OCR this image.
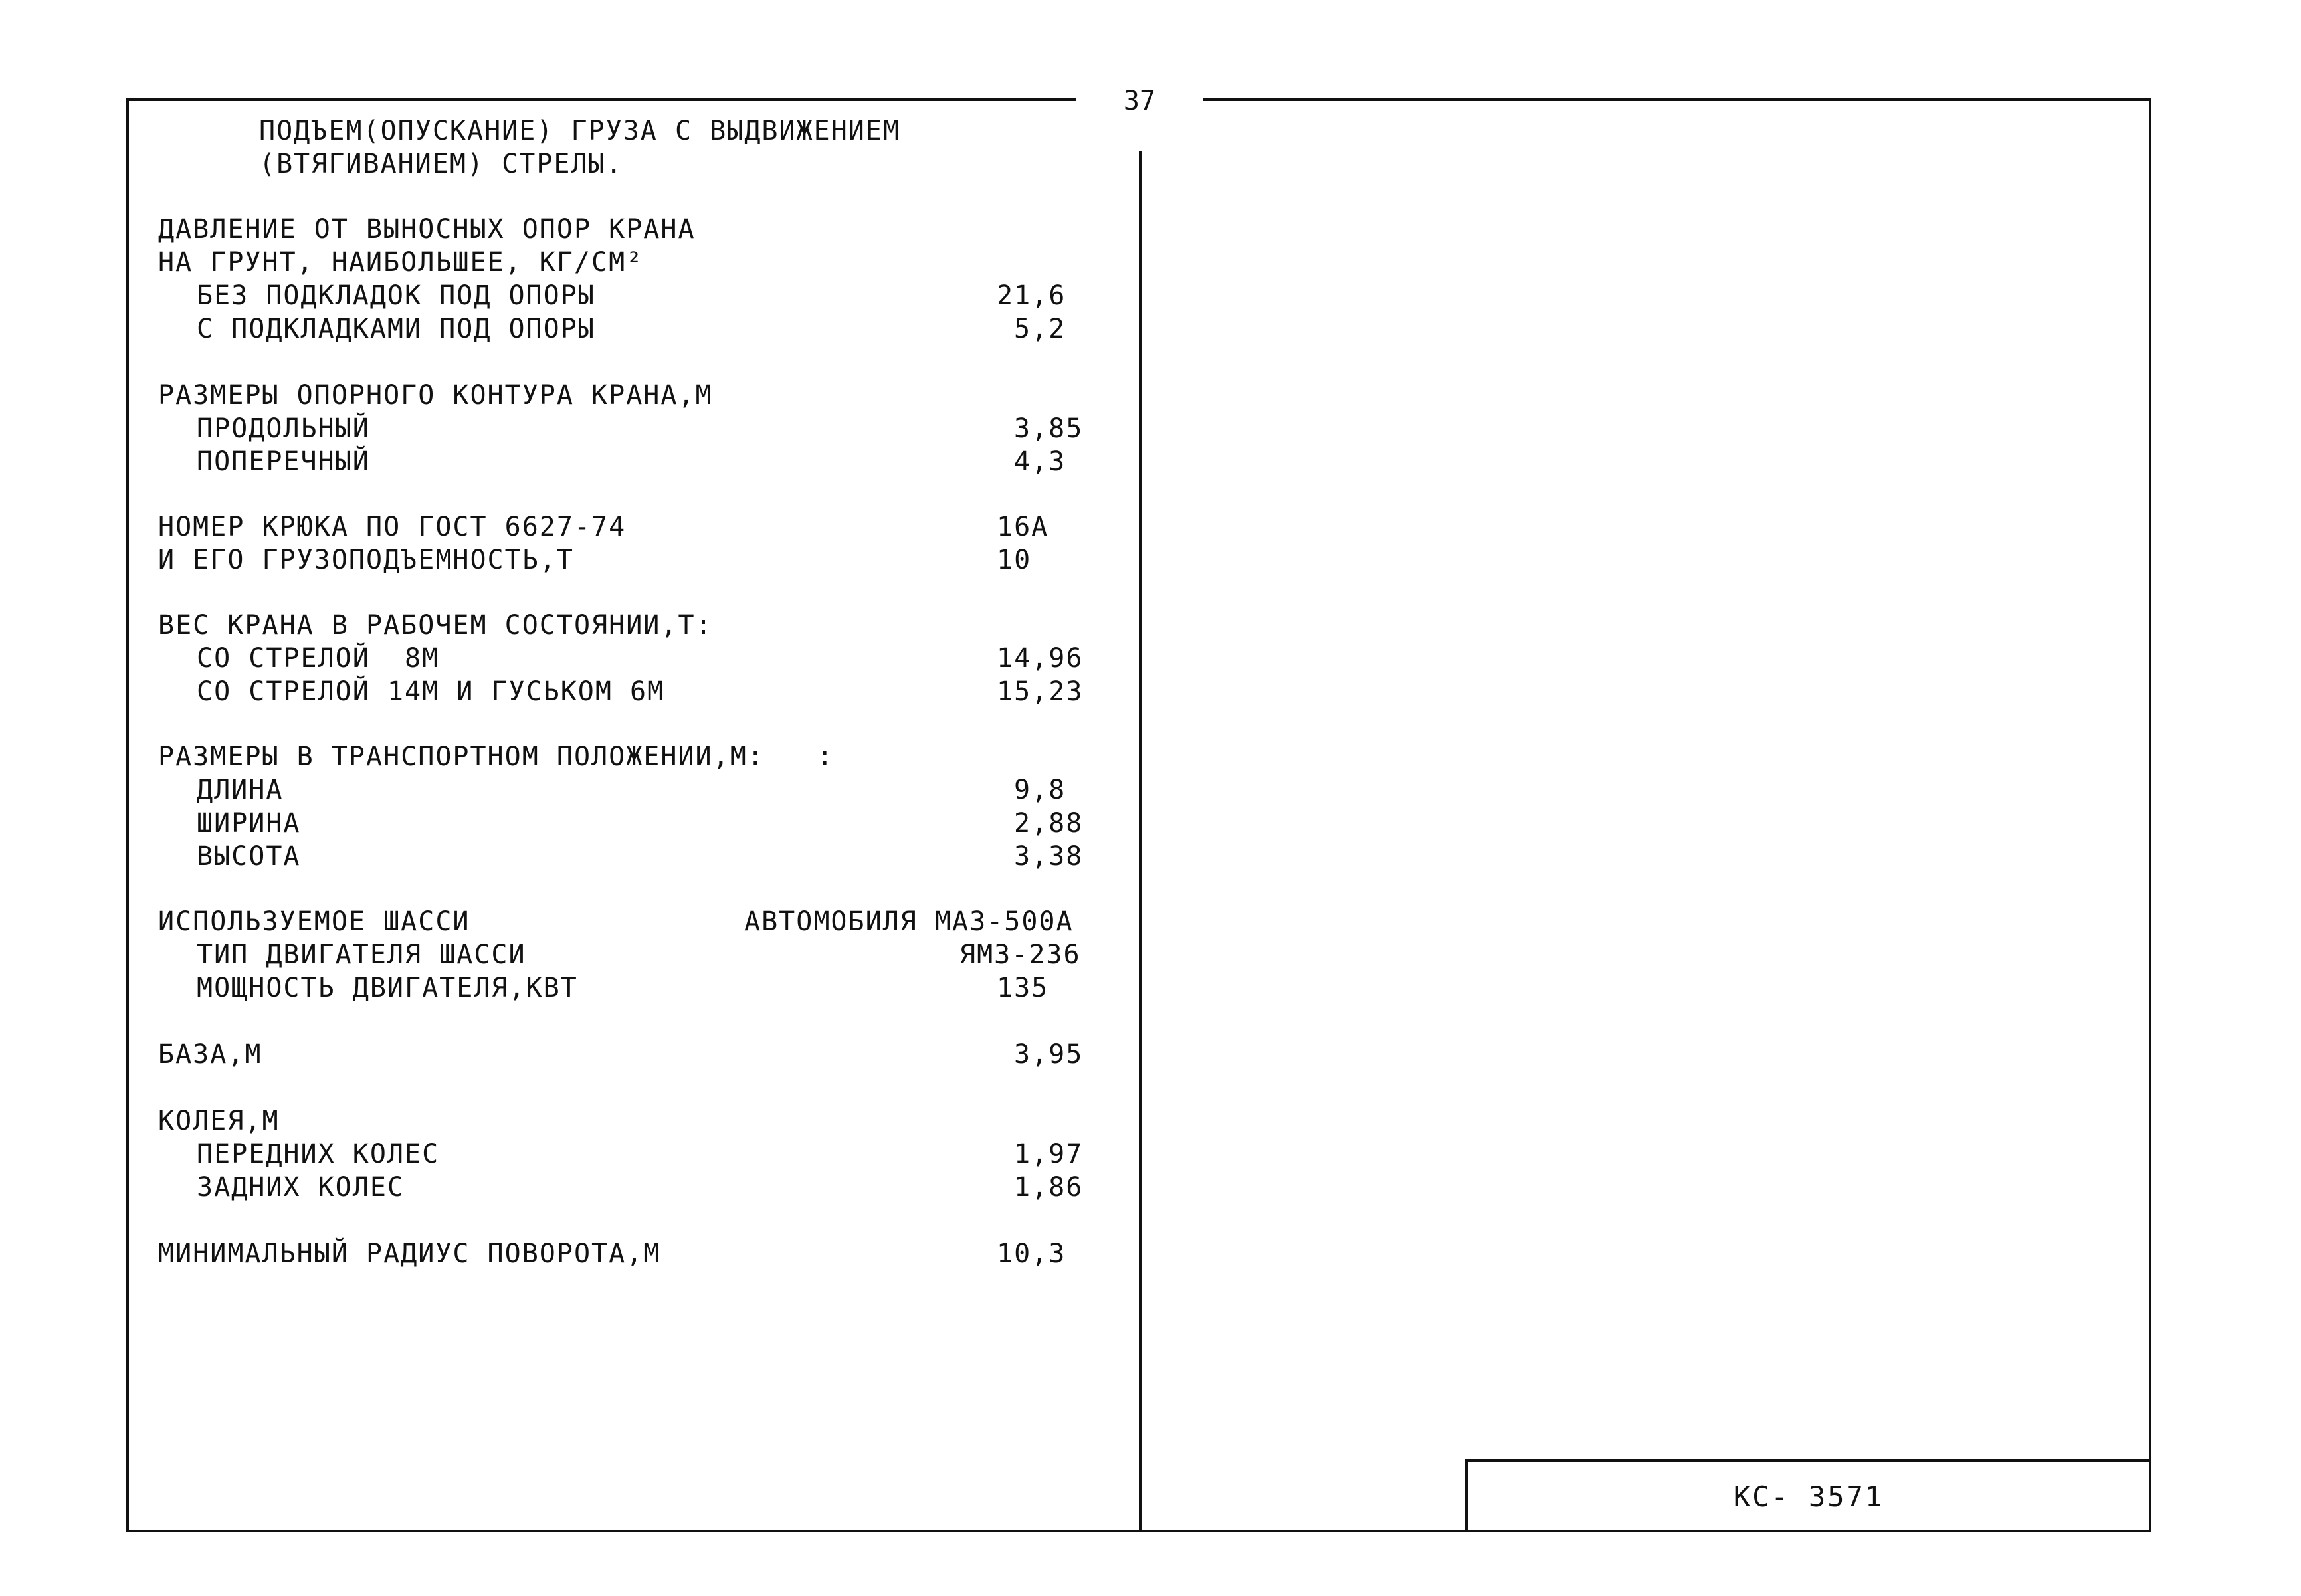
37
ПОДЪЕМ(ОПУСКАНИЕ) ГРУЗА С ВЫДВИЖЕНИЕМ
(ВТЯГИВАНИЕМ) СТРЕЛЫ.
ДАВЛЕНИЕ ОТ ВЫНОСНЫХ ОПОР КРАНА
НА ГРУНТ, НАИБОЛЬШЕЕ, КГ/СМ²
БЕЗ ПОДКЛАДОК ПОД ОПОРЫ	21,6
С ПОДКЛАДКАМИ ПОД ОПОРЫ	5,2
РАЗМЕРЫ ОПОРНОГО КОНТУРА КРАНА,М
ПРОДОЛЬНЫЙ	3,85
ПОПЕРЕЧНЫЙ	4,3
НОМЕР КРЮКА ПО ГОСТ 6627-74	16А
И ЕГО ГРУЗОПОДЪЕМНОСТЬ,Т	10
ВЕС КРАНА В РАБОЧЕМ СОСТОЯНИИ,Т:
СО СТРЕЛОЙ  8М	14,96
СО СТРЕЛОЙ 14М И ГУСЬКОМ 6М	15,23
РАЗМЕРЫ В ТРАНСПОРТНОМ ПОЛОЖЕНИИ,М:   :
ДЛИНА	9,8
ШИРИНА	2,88
ВЫСОТА	3,38
ИСПОЛЬЗУЕМОЕ ШАССИ	АВТОМОБИЛЯ МАЗ-500А
ТИП ДВИГАТЕЛЯ ШАССИ	ЯМЗ-236
МОЩНОСТЬ ДВИГАТЕЛЯ,КВТ	135
БАЗА,М	3,95
КОЛЕЯ,М
ПЕРЕДНИХ КОЛЕС	1,97
ЗАДНИХ КОЛЕС	1,86
МИНИМАЛЬНЫЙ РАДИУС ПОВОРОТА,М	10,3
КС- 3571
